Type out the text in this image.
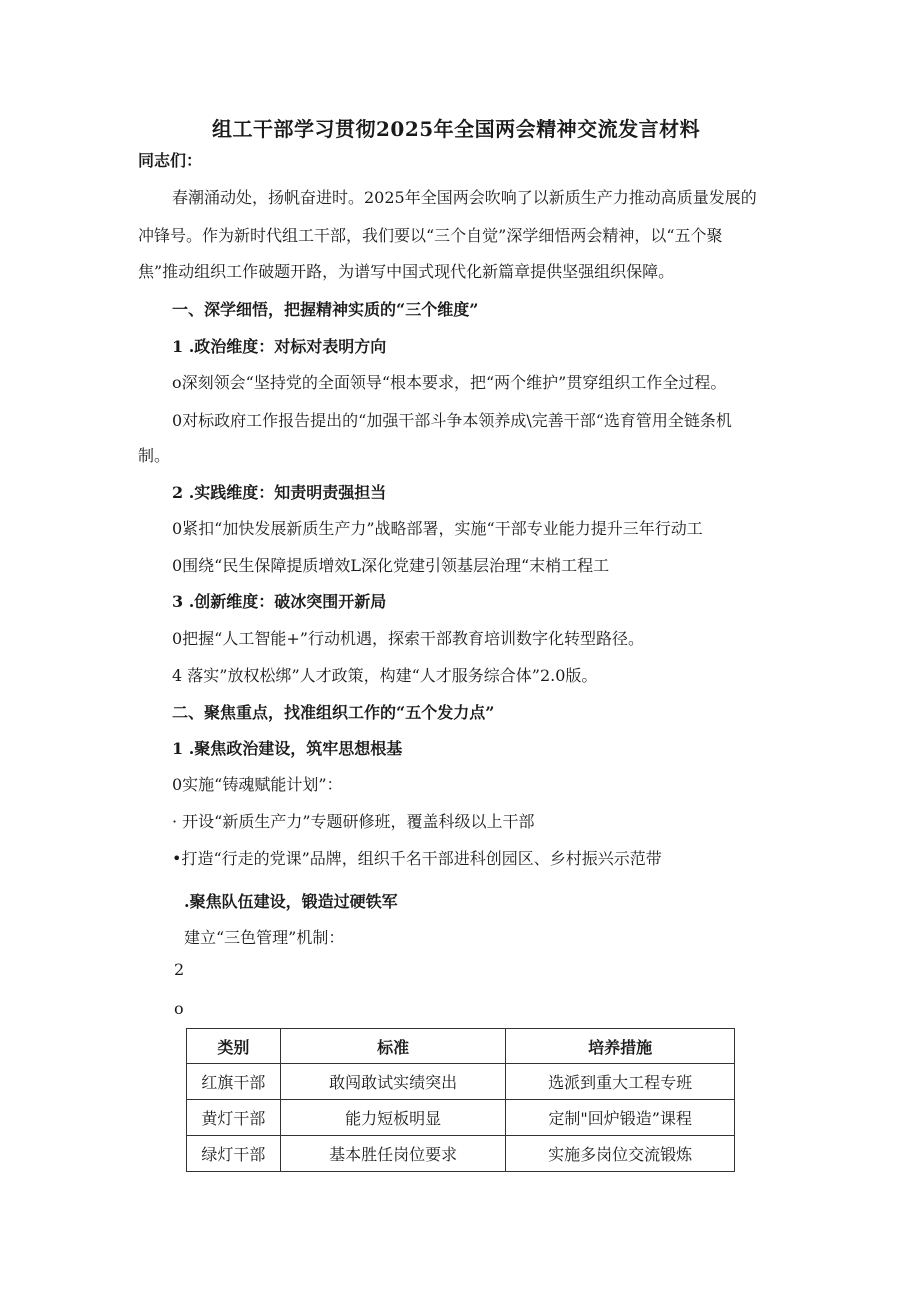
组工干部学习贯彻2025年全国两会精神交流发言材料
同志们：
春潮涌动处，扬帆奋进时。2025年全国两会吹响了以新质生产力推动高质量发展的
冲锋号。作为新时代组工干部，我们要以“三个自觉”深学细悟两会精神，以“五个聚
焦”推动组织工作破题开路，为谱写中国式现代化新篇章提供坚强组织保障。
一、深学细悟，把握精神实质的“三个维度”
1 .政治维度：对标对表明方向
o深刻领会“坚持党的全面领导“根本要求，把“两个维护”贯穿组织工作全过程。
0对标政府工作报告提出的“加强干部斗争本领养成\完善干部“选育管用全链条机
制。
2 .实践维度：知责明责强担当
0紧扣“加快发展新质生产力”战略部署，实施“干部专业能力提升三年行动工
0围绕“民生保障提质增效L深化党建引领基层治理“末梢工程工
3 .创新维度：破冰突围开新局
0把握“人工智能+”行动机遇，探索干部教育培训数字化转型路径。
4 落实”放权松绑”人才政策，构建“人才服务综合体”2.0版。
二、聚焦重点，找准组织工作的“五个发力点”
1 .聚焦政治建设，筑牢思想根基
0实施“铸魂赋能计划”：
· 开设“新质生产力”专题研修班，覆盖科级以上干部
•打造“行走的党课”品牌，组织千名干部进科创园区、乡村振兴示范带
.聚焦队伍建设，锻造过硬铁军
建立“三色管理”机制：
2
o
类别	标准	培养措施
红旗干部	敢闯敢试实绩突出	选派到重大工程专班
黄灯干部	能力短板明显	定制"回炉锻造”课程
绿灯干部	基本胜任岗位要求	实施多岗位交流锻炼
